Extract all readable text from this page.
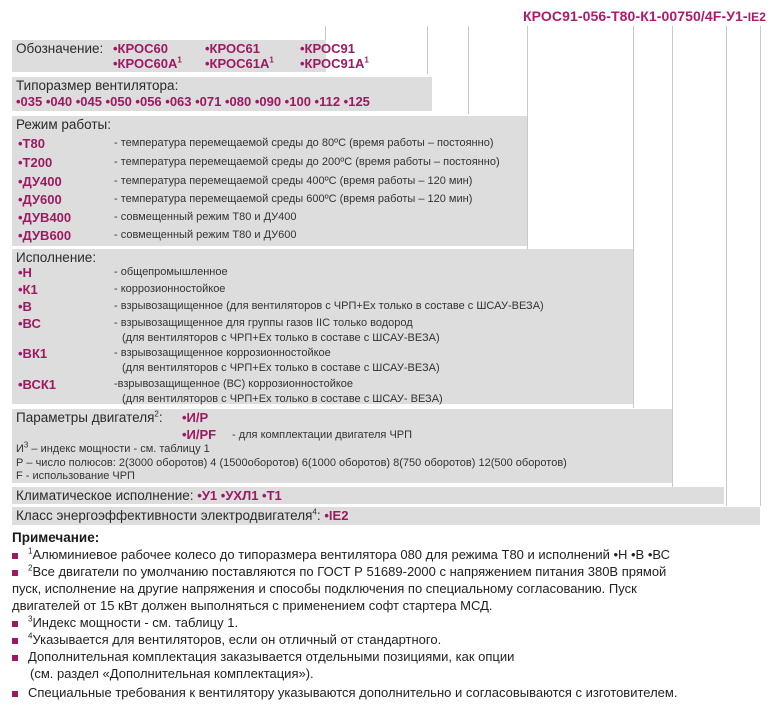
КРОС91-056-Т80-К1-00750/4F-У1-IE2
Обозначение: •КРОС60	•КРОС61	•КРОС91
$•КРОС60А^1$ $•КРОС61А^1$ $•КРОС91А^1$
Типоразмер вентилятора:
•035 •040 •045 •050 •056 •063 •071 •080 •090 •100 •112 •125
Режим работы:
•Т80	- температура перемещаемой среды до 80ºС (время работы – постоянно)
•Т200	- температура перемещаемой среды до 200ºС (время работы – постоянно)
•ДУ400	- температура перемещаемой среды 400ºС (время работы – 120 мин)
•ДУ600	- температура перемещаемой среды 600ºС (время работы – 120 мин)
•ДУВ400	- совмещенный режим Т80 и ДУ400
•ДУВ600	- совмещенный режим Т80 и ДУ600
Исполнение:
•Н	- общепромышленное
•К1	- коррозионностойкое
•В	- взрывозащищенное (для вентиляторов с ЧРП+Ex только в составе с ШСАУ-ВЕЗА)
•ВС	- взрывозащищенное для группы газов IIС только водород
(для вентиляторов с ЧРП+Ех только в составе с ШСАУ-ВЕЗА)
•ВК1	- взрывозащищенное коррозионностойкое
(для вентиляторов с ЧРП+Ех только в составе с ШСАУ-ВЕЗА)
•ВСК1	-взрывозащищенное (ВС) коррозионностойкое
(для вентиляторов с ЧРП+Ех только в составе с ШСАУ- ВЕЗА)
Параметры двигателя$^2$: •И/Р
•И/РF - для комплектации двигателя ЧРП
$И^3$ – индекс мощности - см. таблицу 1
Р – число полюсов: 2(3000 оборотов) 4 (1500оборотов) 6(1000 оборотов) 8(750 оборотов) 12(500 оборотов)
F - использование ЧРП
Климатическое исполнение: •У1 •УХЛ1 •Т1
Класс энергоэффективности электродвигателя$^4$: •IE2
Примечание:
$^1$Алюминиевое рабочее колесо до типоразмера вентилятора 080 для режима Т80 и исполнений •Н •В •ВС
$^2$Все двигатели по умолчанию поставляются по ГОСТ Р 51689-2000 с напряжением питания 380В прямой
пуск, исполнение на другие напряжения и способы подключения по специальному согласованию. Пуск
двигателей от 15 кВт должен выполняться с применением софт стартера МСД.
$^3$Индекс мощности - см. таблицу 1.
$^4$Указывается для вентиляторов, если он отличный от стандартного.
Дополнительная комплектация заказывается отдельными позициями, как опции
(см. раздел «Дополнительная комплектация»).
Специальные требования к вентилятору указываются дополнительно и согласовываются с изготовителем.
